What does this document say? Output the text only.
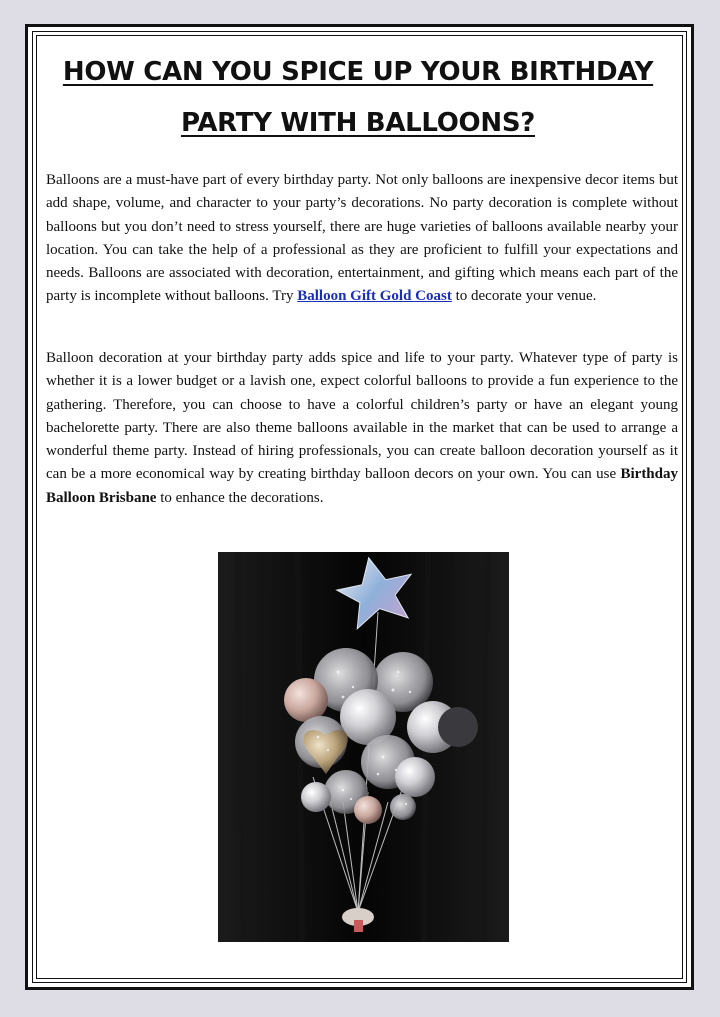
HOW CAN YOU SPICE UP YOUR BIRTHDAY
PARTY WITH BALLOONS?

Balloons are a must-have part of every birthday party. Not only balloons are inexpensive decor items but add shape, volume, and character to your party’s decorations. No party decoration is complete without balloons but you don’t need to stress yourself, there are huge varieties of balloons available nearby your location. You can take the help of a professional as they are proficient to fulfill your expectations and needs. Balloons are associated with decoration, entertainment, and gifting which means each part of the party is incomplete without balloons. Try Balloon Gift Gold Coast to decorate your venue.

Balloon decoration at your birthday party adds spice and life to your party. Whatever type of party is whether it is a lower budget or a lavish one, expect colorful balloons to provide a fun experience to the gathering. Therefore, you can choose to have a colorful children’s party or have an elegant young bachelorette party. There are also theme balloons available in the market that can be used to arrange a wonderful theme party. Instead of hiring professionals, you can create balloon decoration yourself as it can be a more economical way by creating birthday balloon decors on your own. You can use Birthday Balloon Brisbane to enhance the decorations.
